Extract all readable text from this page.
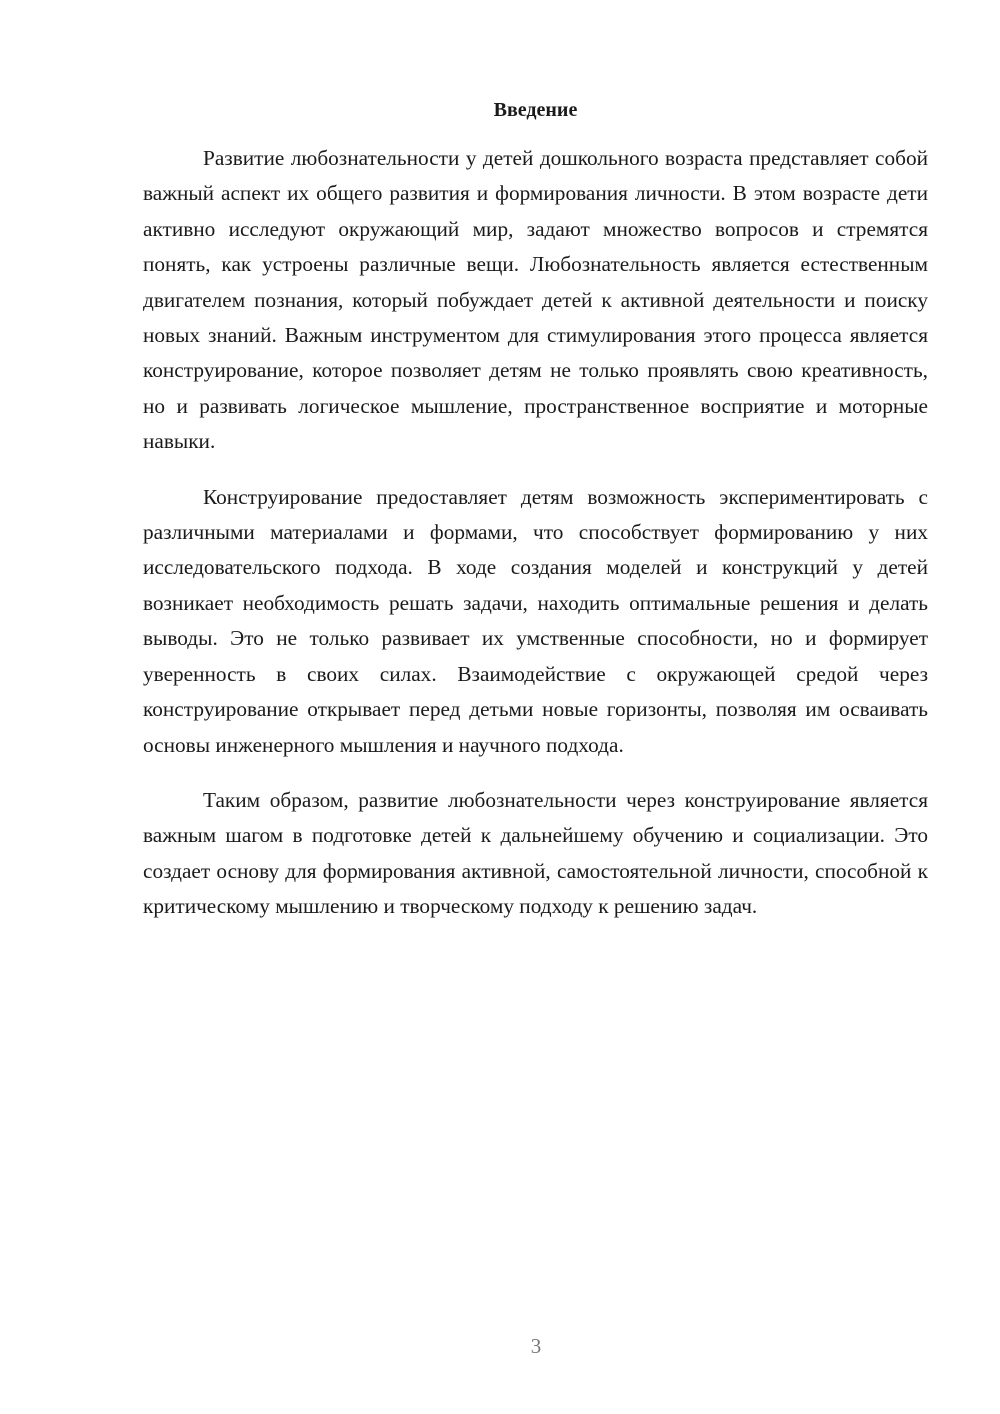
Введение

Развитие любознательности у детей дошкольного возраста представляет собой важный аспект их общего развития и формирования личности. В этом возрасте дети активно исследуют окружающий мир, задают множество вопросов и стремятся понять, как устроены различные вещи. Любознательность является естественным двигателем познания, который побуждает детей к активной деятельности и поиску новых знаний. Важным инструментом для стимулирования этого процесса является конструирование, которое позволяет детям не только проявлять свою креативность, но и развивать логическое мышление, пространственное восприятие и моторные навыки.

Конструирование предоставляет детям возможность экспериментировать с различными материалами и формами, что способствует формированию у них исследовательского подхода. В ходе создания моделей и конструкций у детей возникает необходимость решать задачи, находить оптимальные решения и делать выводы. Это не только развивает их умственные способности, но и формирует уверенность в своих силах. Взаимодействие с окружающей средой через конструирование открывает перед детьми новые горизонты, позволяя им осваивать основы инженерного мышления и научного подхода.

Таким образом, развитие любознательности через конструирование является важным шагом в подготовке детей к дальнейшему обучению и социализации. Это создает основу для формирования активной, самостоятельной личности, способной к критическому мышлению и творческому подходу к решению задач.

3
